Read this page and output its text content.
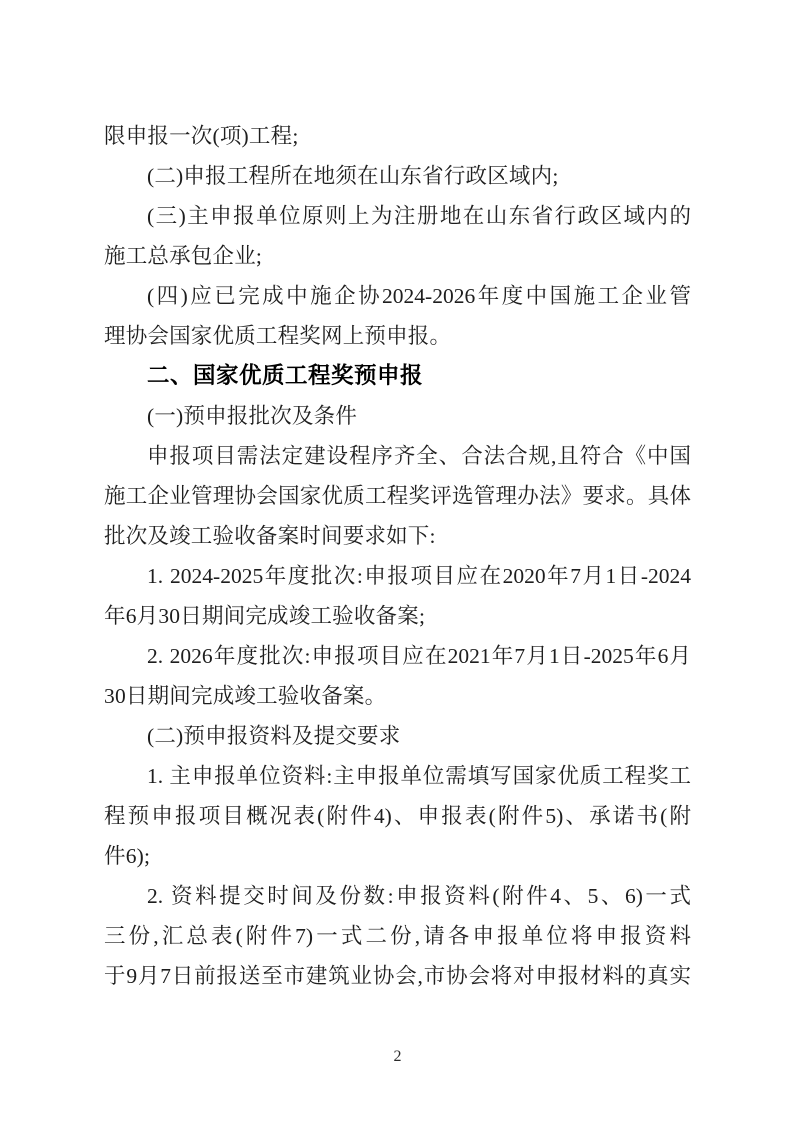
限申报一次(项)工程;
(二)申报工程所在地须在山东省行政区域内;
(三)主申报单位原则上为注册地在山东省行政区域内的
施工总承包企业;
(四)应已完成中施企协2024-2026年度中国施工企业管
理协会国家优质工程奖网上预申报。
二、国家优质工程奖预申报
(一)预申报批次及条件
申报项目需法定建设程序齐全、合法合规,且符合《中国
施工企业管理协会国家优质工程奖评选管理办法》要求。具体
批次及竣工验收备案时间要求如下:
1. 2024-2025年度批次:申报项目应在2020年7月1日-2024
年6月30日期间完成竣工验收备案;
2. 2026年度批次:申报项目应在2021年7月1日-2025年6月
30日期间完成竣工验收备案。
(二)预申报资料及提交要求
1. 主申报单位资料:主申报单位需填写国家优质工程奖工
程预申报项目概况表(附件4)、申报表(附件5)、承诺书(附
件6);
2. 资料提交时间及份数:申报资料(附件4、5、6)一式
三份,汇总表(附件7)一式二份,请各申报单位将申报资料
于9月7日前报送至市建筑业协会,市协会将对申报材料的真实
2
